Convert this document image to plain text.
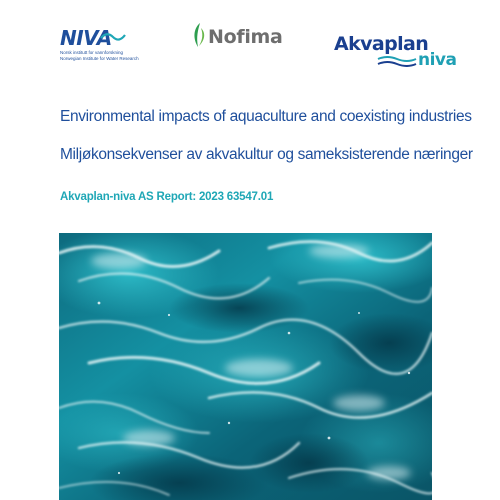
NIVA
Norsk institutt for vannforskning
Norwegian Institute for Water Research
Nofima	Akvaplan
niva
Environmental impacts of aquaculture and coexisting industries
Miljøkonsekvenser av akvakultur og sameksisterende næringer
Akvaplan-niva AS Report: 2023 63547.01
